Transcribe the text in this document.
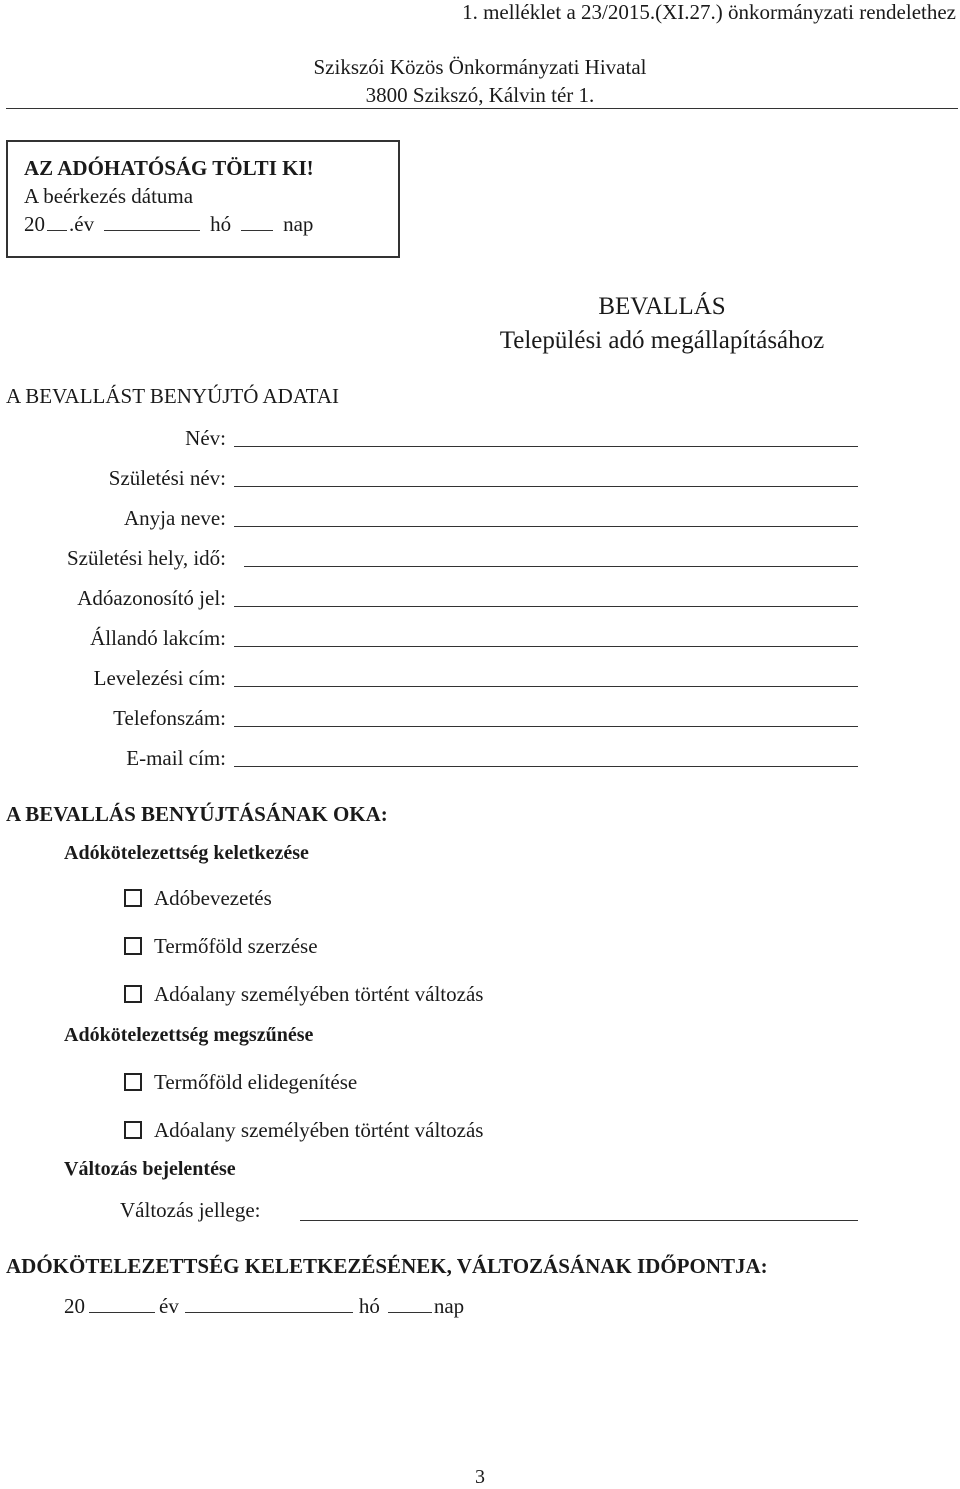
1. melléklet a 23/2015.(XI.27.) önkormányzati rendelethez
Szikszói Közös Önkormányzati Hivatal
3800 Szikszó, Kálvin tér 1.
AZ ADÓHATÓSÁG TÖLTI KI!
A beérkezés dátuma
20 .év	hó nap
BEVALLÁS
Települési adó megállapításához
A BEVALLÁST BENYÚJTÓ ADATAI
Név:
Születési név:
Anyja neve:
Születési hely, idő:
Adóazonosító jel:
Állandó lakcím:
Levelezési cím:
Telefonszám:
E-mail cím:
A BEVALLÁS BENYÚJTÁSÁNAK OKA:
Adókötelezettség keletkezése
Adóbevezetés
Termőföld szerzése
Adóalany személyében történt változás
Adókötelezettség megszűnése
Termőföld elidegenítése
Adóalany személyében történt változás
Változás bejelentése
Változás jellege:
ADÓKÖTELEZETTSÉG KELETKEZÉSÉNEK, VÁLTOZÁSÁNAK IDŐPONTJA:
20	év	hó	nap
3
